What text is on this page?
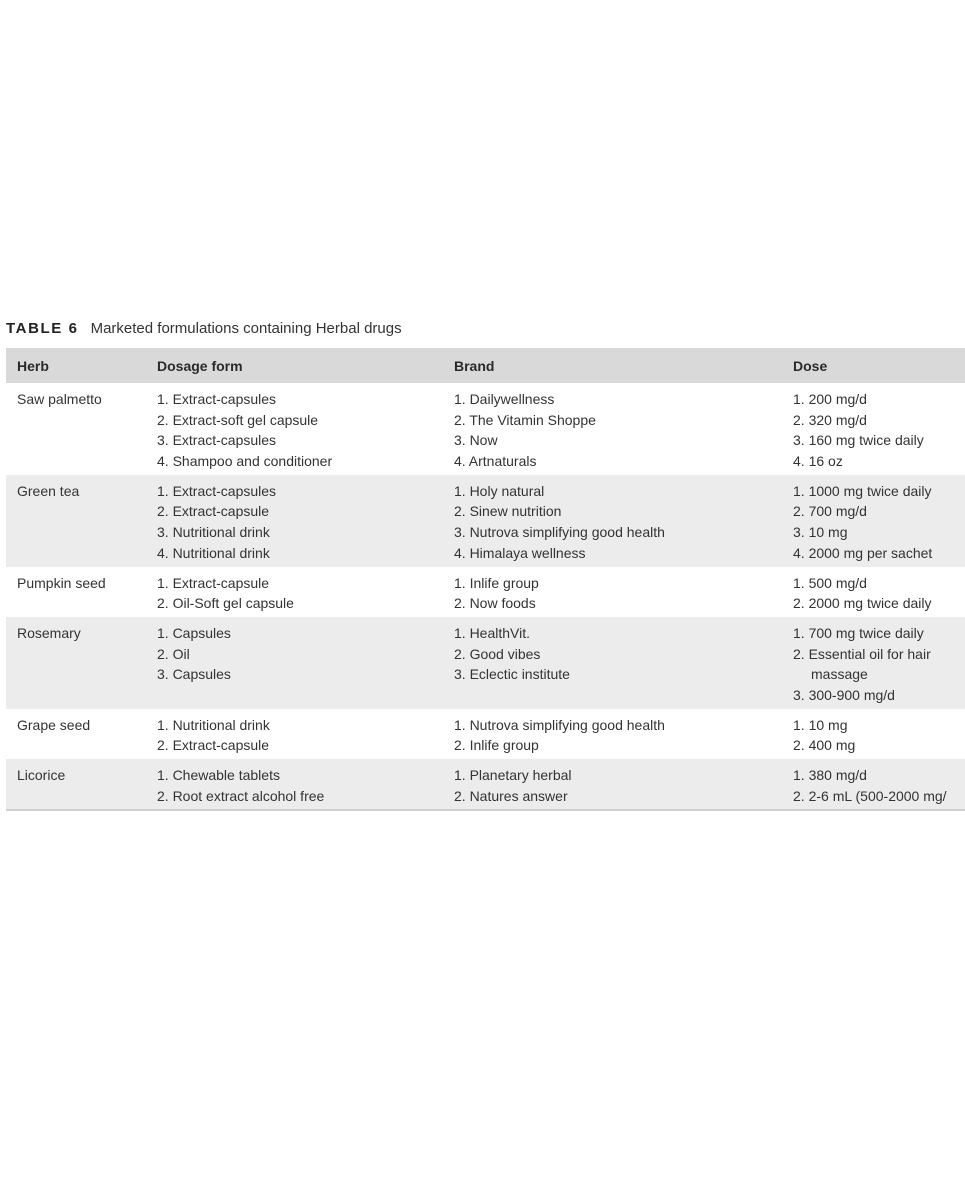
TABLE 6 Marketed formulations containing Herbal drugs
Herb	Dosage form	Brand	Dose

Saw palmetto	1. Extract-capsules
2. Extract-soft gel capsule
3. Extract-capsules
4. Shampoo and conditioner	1. Dailywellness
2. The Vitamin Shoppe
3. Now
4. Artnaturals	1. 200 mg/d
2. 320 mg/d
3. 160 mg twice daily
4. 16 oz

Green tea	1. Extract-capsules
2. Extract-capsule
3. Nutritional drink
4. Nutritional drink	1. Holy natural
2. Sinew nutrition
3. Nutrova simplifying good health
4. Himalaya wellness	1. 1000 mg twice daily
2. 700 mg/d
3. 10 mg
4. 2000 mg per sachet

Pumpkin seed	1. Extract-capsule
2. Oil-Soft gel capsule	1. Inlife group
2. Now foods	1. 500 mg/d
2. 2000 mg twice daily

Rosemary	1. Capsules
2. Oil
3. Capsules	1. HealthVit.
2. Good vibes
3. Eclectic institute	1. 700 mg twice daily
2. Essential oil for hair massage
3. 300-900 mg/d

Grape seed	1. Nutritional drink
2. Extract-capsule	1. Nutrova simplifying good health
2. Inlife group	1. 10 mg
2. 400 mg

Licorice	1. Chewable tablets
2. Root extract alcohol free	1. Planetary herbal
2. Natures answer	1. 380 mg/d
2. 2-6 mL (500-2000 mg/
